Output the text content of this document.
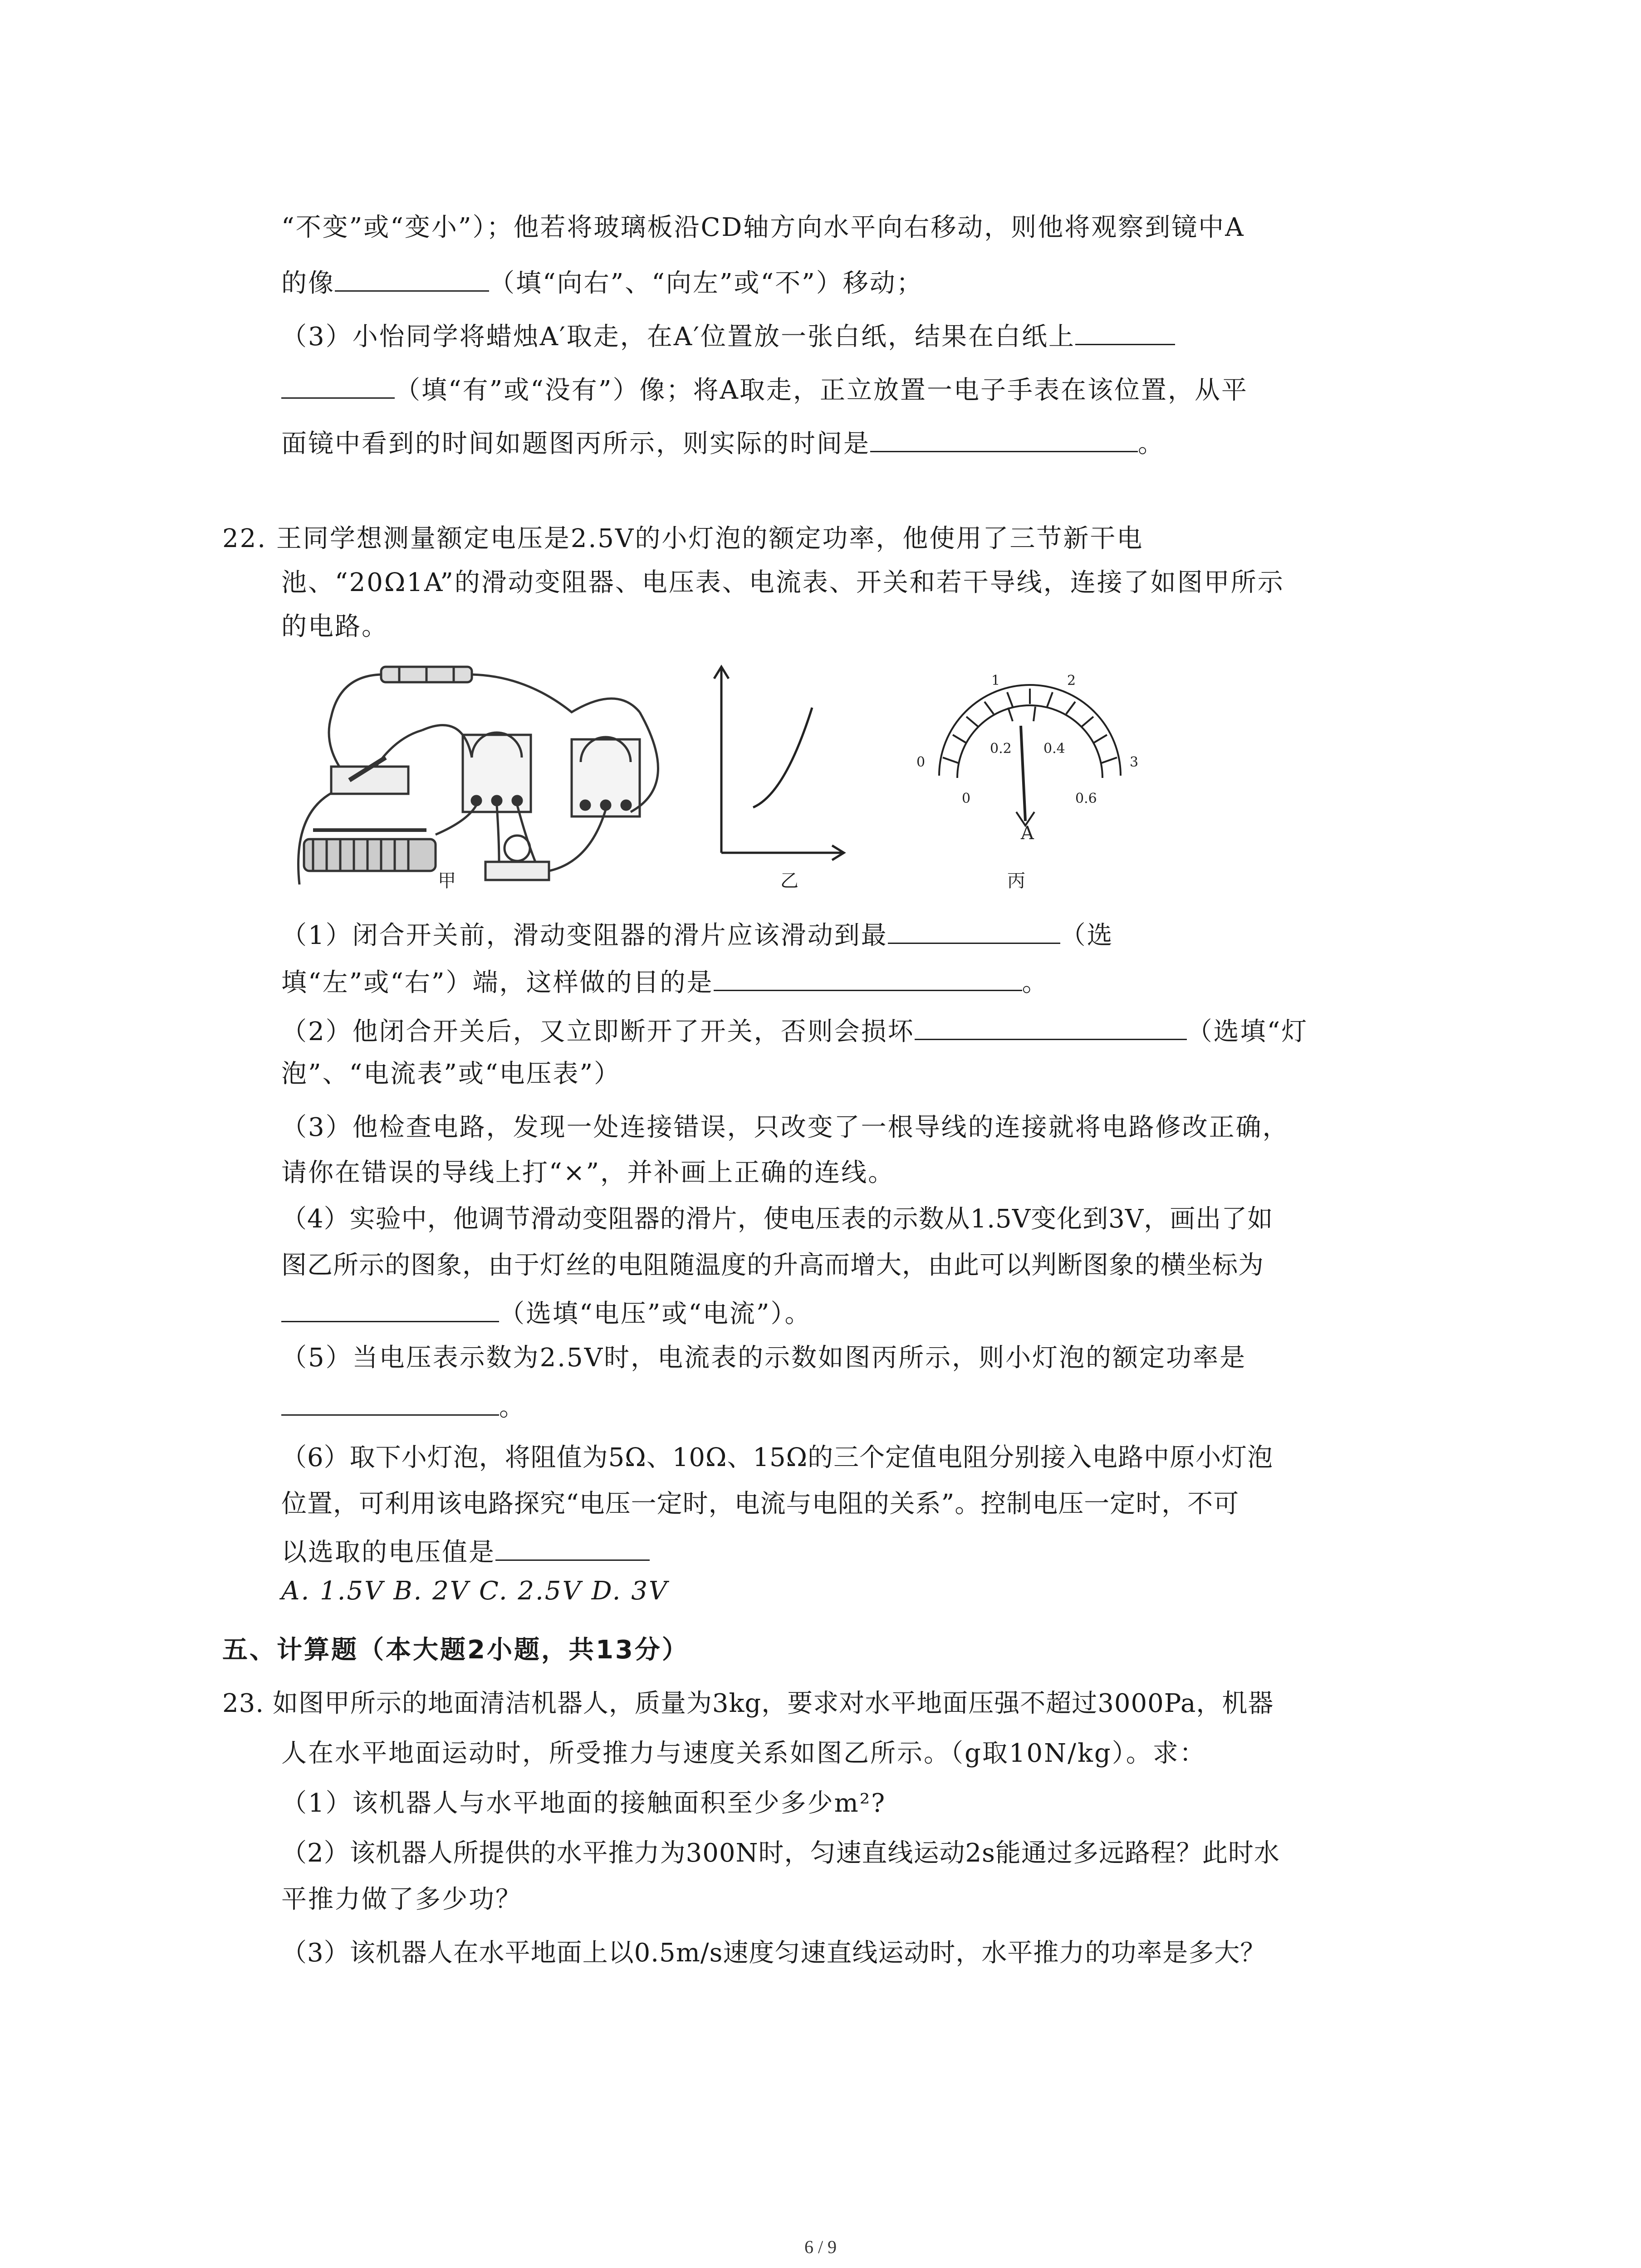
“不变”或“变小”）；他若将玻璃板沿CD轴方向水平向右移动，则他将观察到镜中A
的像	（填“向右”、“向左”或“不”）移动；
（3）小怡同学将蜡烛A′取走，在A′位置放一张白纸，结果在白纸上
（填“有”或“没有”）像；将A取走，正立放置一电子手表在该位置，从平
面镜中看到的时间如题图丙所示，则实际的时间是	。
22. 王同学想测量额定电压是2.5V的小灯泡的额定功率，他使用了三节新干电
池、“20Ω1A”的滑动变阻器、电压表、电流表、开关和若干导线，连接了如图甲所示
的电路。
甲	乙
0
1	2
3
0
0.2 0.4
0.6
A
丙
（1）闭合开关前，滑动变阻器的滑片应该滑动到最	（选
填“左”或“右”）端，这样做的目的是	。
（2）他闭合开关后，又立即断开了开关，否则会损坏	（选填“灯
泡”、“电流表”或“电压表”）
（3）他检查电路，发现一处连接错误，只改变了一根导线的连接就将电路修改正确，
请你在错误的导线上打“×”，并补画上正确的连线。
（4）实验中，他调节滑动变阻器的滑片，使电压表的示数从1.5V变化到3V，画出了如
图乙所示的图象，由于灯丝的电阻随温度的升高而增大，由此可以判断图象的横坐标为
（选填“电压”或“电流”）。
（5）当电压表示数为2.5V时，电流表的示数如图丙所示，则小灯泡的额定功率是
。
（6）取下小灯泡，将阻值为5Ω、10Ω、15Ω的三个定值电阻分别接入电路中原小灯泡
位置，可利用该电路探究“电压一定时，电流与电阻的关系”。控制电压一定时，不可
以选取的电压值是
A. 1.5V B. 2V C. 2.5V D. 3V
五、计算题（本大题2小题，共13分）
23. 如图甲所示的地面清洁机器人，质量为3kg，要求对水平地面压强不超过3000Pa，机器
人在水平地面运动时，所受推力与速度关系如图乙所示。（g取10N/kg）。求：
（1）该机器人与水平地面的接触面积至少多少m²?
（2）该机器人所提供的水平推力为300N时，匀速直线运动2s能通过多远路程？此时水
平推力做了多少功？
（3）该机器人在水平地面上以0.5m/s速度匀速直线运动时，水平推力的功率是多大？
6 / 9
